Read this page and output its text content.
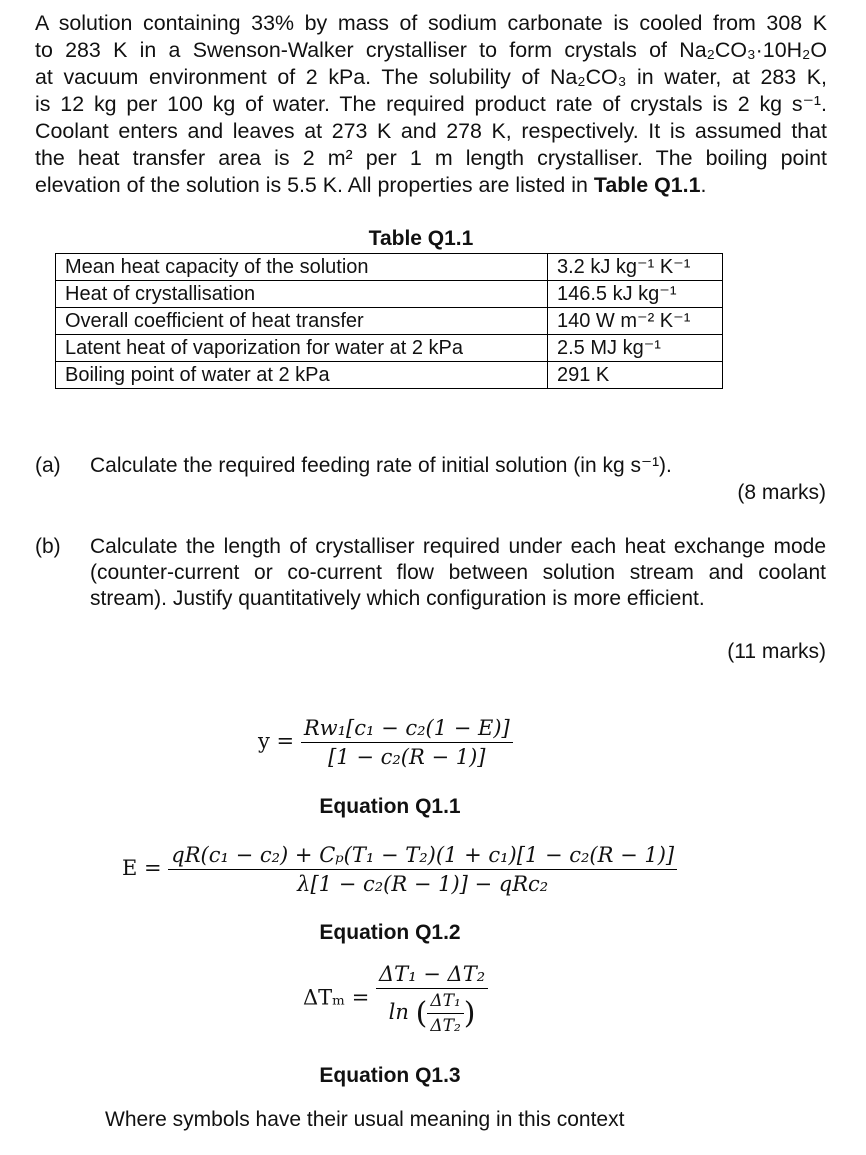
A solution containing 33% by mass of sodium carbonate is cooled from 308 K
to 283 K in a Swenson-Walker crystalliser to form crystals of Na₂CO₃·10H₂O
at vacuum environment of 2 kPa. The solubility of Na₂CO₃ in water, at 283 K,
is 12 kg per 100 kg of water. The required product rate of crystals is 2 kg s⁻¹.
Coolant enters and leaves at 273 K and 278 K, respectively. It is assumed that
the heat transfer area is 2 m² per 1 m length crystalliser. The boiling point
elevation of the solution is 5.5 K. All properties are listed in Table Q1.1.
Table Q1.1
Mean heat capacity of the solution	3.2 kJ kg⁻¹ K⁻¹
Heat of crystallisation	146.5 kJ kg⁻¹
Overall coefficient of heat transfer	140 W m⁻² K⁻¹
Latent heat of vaporization for water at 2 kPa	2.5 MJ kg⁻¹
Boiling point of water at 2 kPa	291 K
(a) Calculate the required feeding rate of initial solution (in kg s⁻¹).
(8 marks)
(b) Calculate the length of crystalliser required under each heat exchange mode (counter-current or co-current flow between solution stream and coolant stream). Justify quantitatively which configuration is more efficient.
(11 marks)
$y = \frac{\text{Rw₁[c₁ − c₂(1 − E)]}}{\text{[1 − c₂(R − 1)]}}$
Equation Q1.1
$E = \frac{\text{qR(c₁ − c₂) + Cₚ(T₁ − T₂)(1 + c₁)[1 − c₂(R − 1)]}}{\text{λ[1 − c₂(R − 1)] − qRc₂}}$
Equation Q1.2
$\Delta T_m = \frac{\text{ΔT₁ − ΔT₂}}{\ln ( \frac{\text{ΔT₁}}{\text{ΔT₂}} )}$
Equation Q1.3
Where symbols have their usual meaning in this context
